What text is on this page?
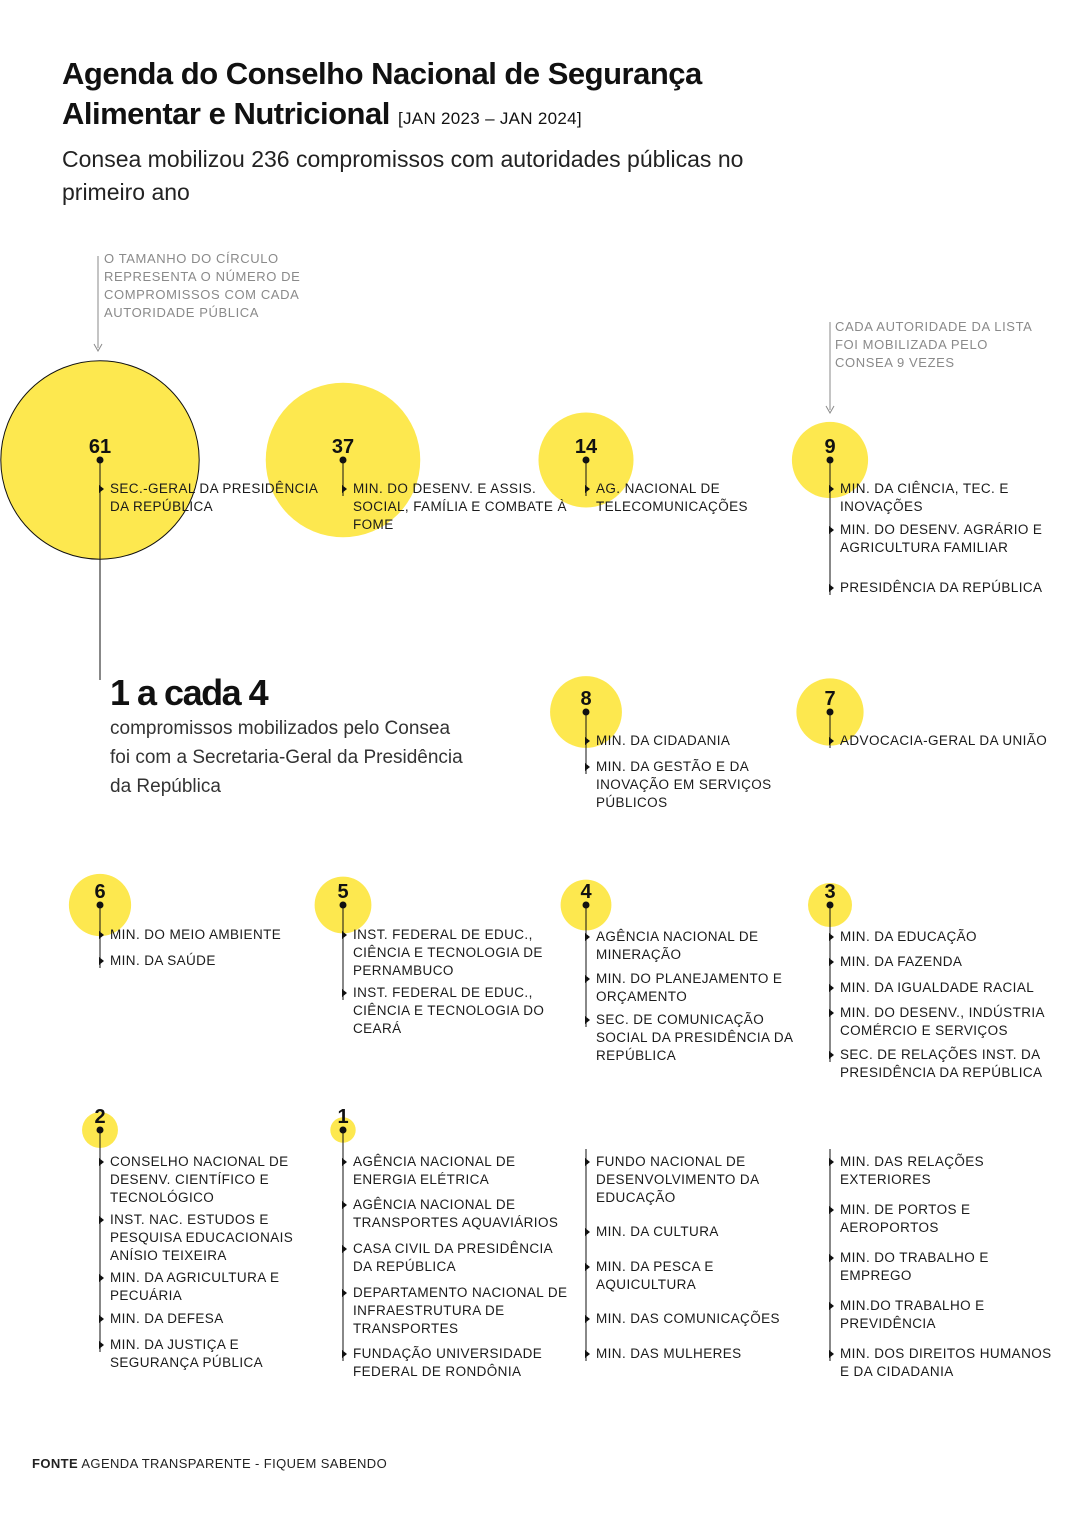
Agenda do Conselho Nacional de Segurança
Alimentar e Nutricional [JAN 2023 – JAN 2024]
Consea mobilizou 236 compromissos com autoridades públicas no primeiro ano
O TAMANHO DO CÍRCULO REPRESENTA O NÚMERO DE COMPROMISSOS COM CADA AUTORIDADE PÚBLICA
CADA AUTORIDADE DA LISTA FOI MOBILIZADA PELO CONSEA 9 VEZES
1 a cada 4
compromissos mobilizados pelo Consea foi com a Secretaria-Geral da Presidência da República
61
SEC.-GERAL DA PRESIDÊNCIA DA REPÚBLICA
37
MIN. DO DESENV. E ASSIS. SOCIAL, FAMÍLIA E COMBATE À FOME
14
AG. NACIONAL DE TELECOMUNICAÇÕES
9
MIN. DA CIÊNCIA, TEC. E INOVAÇÕES
MIN. DO DESENV. AGRÁRIO E AGRICULTURA FAMILIAR
PRESIDÊNCIA DA REPÚBLICA
8
MIN. DA CIDADANIA
MIN. DA GESTÃO E DA INOVAÇÃO EM SERVIÇOS PÚBLICOS
7
ADVOCACIA-GERAL DA UNIÃO
6
MIN. DO MEIO AMBIENTE
MIN. DA SAÚDE
5
INST. FEDERAL DE EDUC., CIÊNCIA E TECNOLOGIA DE PERNAMBUCO
INST. FEDERAL DE EDUC., CIÊNCIA E TECNOLOGIA DO CEARÁ
4
AGÊNCIA NACIONAL DE MINERAÇÃO
MIN. DO PLANEJAMENTO E ORÇAMENTO
SEC. DE COMUNICAÇÃO SOCIAL DA PRESIDÊNCIA DA REPÚBLICA
3
MIN. DA EDUCAÇÃO
MIN. DA FAZENDA
MIN. DA IGUALDADE RACIAL
MIN. DO DESENV., INDÚSTRIA COMÉRCIO E SERVIÇOS
SEC. DE RELAÇÕES INST. DA PRESIDÊNCIA DA REPÚBLICA
2
CONSELHO NACIONAL DE DESENV. CIENTÍFICO E TECNOLÓGICO
INST. NAC. ESTUDOS E PESQUISA EDUCACIONAIS ANÍSIO TEIXEIRA
MIN. DA AGRICULTURA E PECUÁRIA
MIN. DA DEFESA
MIN. DA JUSTIÇA E SEGURANÇA PÚBLICA
1
AGÊNCIA NACIONAL DE ENERGIA ELÉTRICA
AGÊNCIA NACIONAL DE TRANSPORTES AQUAVIÁRIOS
CASA CIVIL DA PRESIDÊNCIA DA REPÚBLICA
DEPARTAMENTO NACIONAL DE INFRAESTRUTURA DE TRANSPORTES
FUNDAÇÃO UNIVERSIDADE FEDERAL DE RONDÔNIA
FUNDO NACIONAL DE DESENVOLVIMENTO DA EDUCAÇÃO
MIN. DA CULTURA
MIN. DA PESCA E AQUICULTURA
MIN. DAS COMUNICAÇÕES
MIN. DAS MULHERES
MIN. DAS RELAÇÕES EXTERIORES
MIN. DE PORTOS E AEROPORTOS
MIN. DO TRABALHO E EMPREGO
MIN.DO TRABALHO E PREVIDÊNCIA
MIN. DOS DIREITOS HUMANOS E DA CIDADANIA
FONTE AGENDA TRANSPARENTE - FIQUEM SABENDO
